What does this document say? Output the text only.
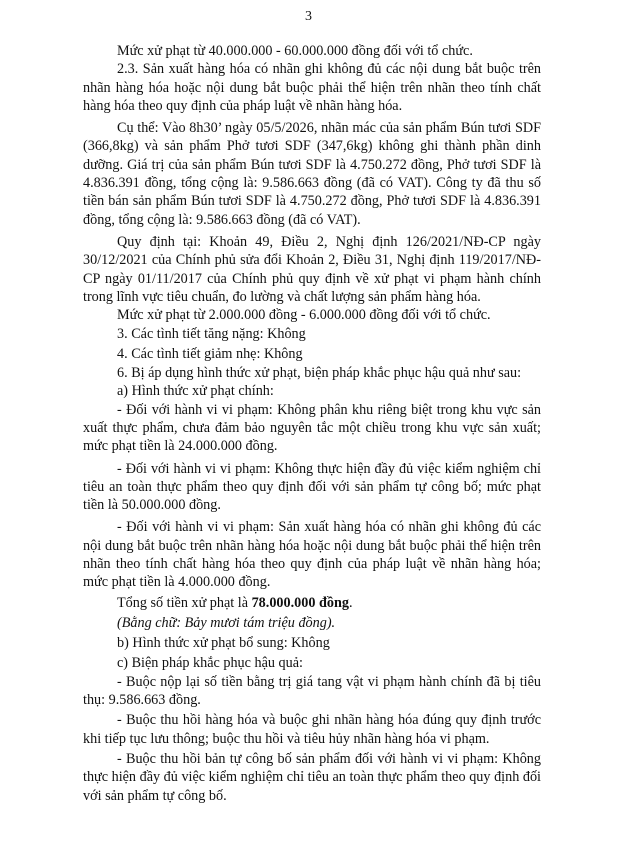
3

Mức xử phạt từ 40.000.000 - 60.000.000 đồng đối với tổ chức.

2.3. Sản xuất hàng hóa có nhãn ghi không đủ các nội dung bắt buộc trên nhãn hàng hóa hoặc nội dung bắt buộc phải thể hiện trên nhãn theo tính chất hàng hóa theo quy định của pháp luật về nhãn hàng hóa.

Cụ thể: Vào 8h30’ ngày 05/5/2026, nhãn mác của sản phẩm Bún tươi SDF (366,8kg) và sản phẩm Phở tươi SDF (347,6kg) không ghi thành phần dinh dưỡng. Giá trị của sản phẩm Bún tươi SDF là 4.750.272 đồng, Phở tươi SDF là 4.836.391 đồng, tổng cộng là: 9.586.663 đồng (đã có VAT). Công ty đã thu số tiền bán sản phẩm Bún tươi SDF là 4.750.272 đồng, Phở tươi SDF là 4.836.391 đồng, tổng cộng là: 9.586.663 đồng (đã có VAT).

Quy định tại: Khoản 49, Điều 2, Nghị định 126/2021/NĐ-CP ngày 30/12/2021 của Chính phủ sửa đổi Khoản 2, Điều 31, Nghị định 119/2017/NĐ-CP ngày 01/11/2017 của Chính phủ quy định về xử phạt vi phạm hành chính trong lĩnh vực tiêu chuẩn, đo lường và chất lượng sản phẩm hàng hóa.

Mức xử phạt từ 2.000.000 đồng - 6.000.000 đồng đối với tổ chức.

3. Các tình tiết tăng nặng: Không

4. Các tình tiết giảm nhẹ: Không

6. Bị áp dụng hình thức xử phạt, biện pháp khắc phục hậu quả như sau:

a) Hình thức xử phạt chính:

- Đối với hành vi vi phạm: Không phân khu riêng biệt trong khu vực sản xuất thực phẩm, chưa đảm bảo nguyên tắc một chiều trong khu vực sản xuất; mức phạt tiền là 24.000.000 đồng.

- Đối với hành vi vi phạm: Không thực hiện đầy đủ việc kiểm nghiệm chỉ tiêu an toàn thực phẩm theo quy định đối với sản phẩm tự công bố; mức phạt tiền là 50.000.000 đồng.

- Đối với hành vi vi phạm: Sản xuất hàng hóa có nhãn ghi không đủ các nội dung bắt buộc trên nhãn hàng hóa hoặc nội dung bắt buộc phải thể hiện trên nhãn theo tính chất hàng hóa theo quy định của pháp luật về nhãn hàng hóa; mức phạt tiền là 4.000.000 đồng.

Tổng số tiền xử phạt là 78.000.000 đồng.

(Bằng chữ: Bảy mươi tám triệu đồng).

b) Hình thức xử phạt bổ sung: Không

c) Biện pháp khắc phục hậu quả:

- Buộc nộp lại số tiền bằng trị giá tang vật vi phạm hành chính đã bị tiêu thụ: 9.586.663 đồng.

- Buộc thu hồi hàng hóa và buộc ghi nhãn hàng hóa đúng quy định trước khi tiếp tục lưu thông; buộc thu hồi và tiêu hủy nhãn hàng hóa vi phạm.

- Buộc thu hồi bản tự công bố sản phẩm đối với hành vi vi phạm: Không thực hiện đầy đủ việc kiểm nghiệm chỉ tiêu an toàn thực phẩm theo quy định đối với sản phẩm tự công bố.
